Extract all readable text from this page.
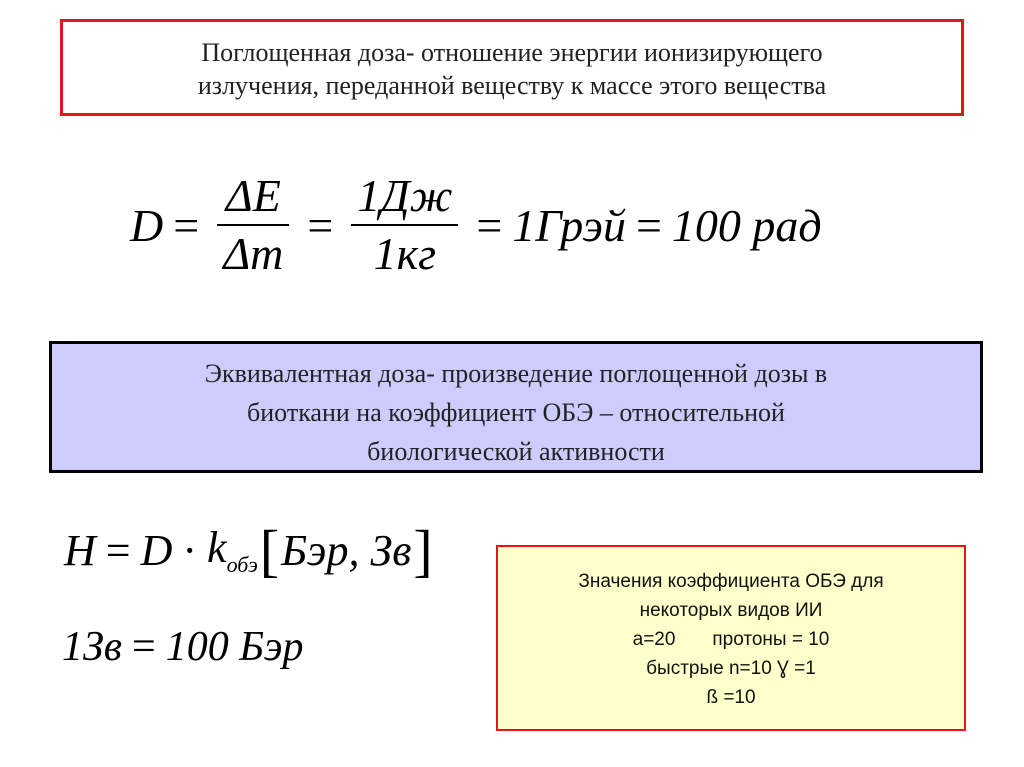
Поглощенная доза- отношение энергии ионизирующего
излучения, переданной веществу к массе этого вещества
$D = \frac{\Delta E}{\Delta m} = \frac{1Дж}{1кг}$ = 1Грэй = 100 рад
Эквивалентная доза- произведение поглощенной дозы в
биоткани на коэффициент ОБЭ – относительной
биологической активности
$H = D \cdot k_{обэ}$ [ Бэр, Зв ]
1Зв = 100 Бэр
Значения коэффициента ОБЭ для
некоторых видов ИИ
a=20       протоны = 10
быстрые n=10 Ɣ =1
ß =10
